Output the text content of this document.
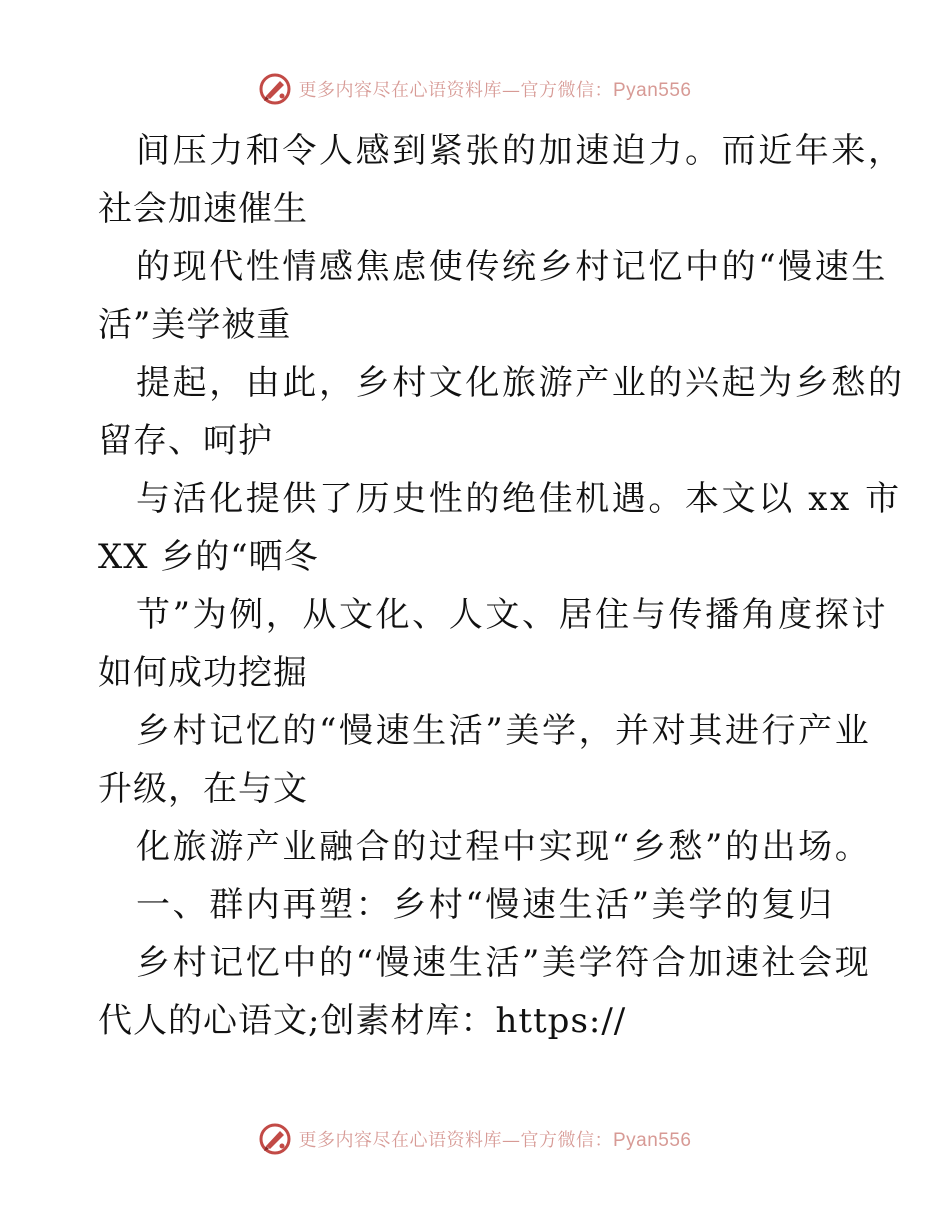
更多内容尽在心语资料库—官方微信：Pyan556
间压力和令人感到紧张的加速迫力。而近年来，
社会加速催生
的现代性情感焦虑使传统乡村记忆中的“慢速生
活”美学被重
提起，由此，乡村文化旅游产业的兴起为乡愁的
留存、呵护
与活化提供了历史性的绝佳机遇。本文以 xx 市
XX 乡的“晒冬
节”为例，从文化、人文、居住与传播角度探讨
如何成功挖掘
乡村记忆的“慢速生活”美学，并对其进行产业
升级，在与文
化旅游产业融合的过程中实现“乡愁”的出场。
一、群内再塑：乡村“慢速生活”美学的复归
乡村记忆中的“慢速生活”美学符合加速社会现
代人的心语文;创素材库：https://
更多内容尽在心语资料库—官方微信：Pyan556
